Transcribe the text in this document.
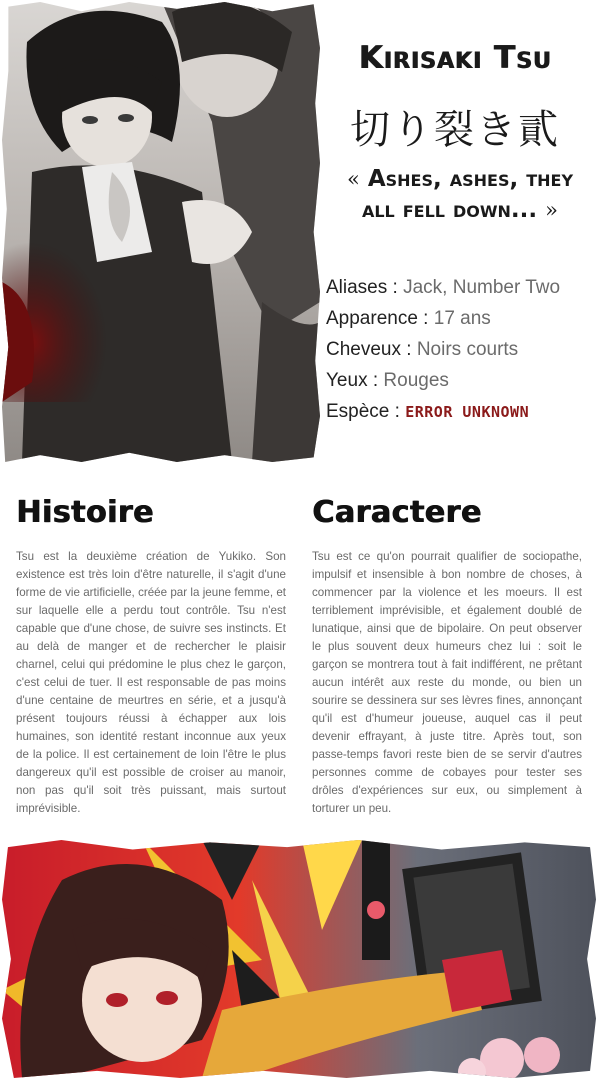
Kirisaki Tsu
切り裂き貳
« Ashes, ashes, they all fell down... »
Aliases : Jack, Number Two
Apparence : 17 ans
Cheveux : Noirs courts
Yeux : Rouges
Espèce : ERROR UNKNOWN
Histoire
Tsu est la deuxième création de Yukiko. Son existence est très loin d'être naturelle, il s'agit d'une forme de vie artificielle, créée par la jeune femme, et sur laquelle elle a perdu tout contrôle. Tsu n'est capable que d'une chose, de suivre ses instincts. Et au delà de manger et de rechercher le plaisir charnel, celui qui prédomine le plus chez le garçon, c'est celui de tuer. Il est responsable de pas moins d'une centaine de meurtres en série, et a jusqu'à présent toujours réussi à échapper aux lois humaines, son identité restant inconnue aux yeux de la police. Il est certainement de loin l'être le plus dangereux qu'il est possible de croiser au manoir, non pas qu'il soit très puissant, mais surtout imprévisible.
Caractere
Tsu est ce qu'on pourrait qualifier de sociopathe, impulsif et insensible à bon nombre de choses, à commencer par la violence et les moeurs. Il est terriblement imprévisible, et également doublé de lunatique, ainsi que de bipolaire. On peut observer le plus souvent deux humeurs chez lui : soit le garçon se montrera tout à fait indifférent, ne prêtant aucun intérêt aux reste du monde, ou bien un sourire se dessinera sur ses lèvres fines, annonçant qu'il est d'humeur joueuse, auquel cas il peut devenir effrayant, à juste titre. Après tout, son passe-temps favori reste bien de se servir d'autres personnes comme de cobayes pour tester ses drôles d'expériences sur eux, ou simplement à torturer un peu.
